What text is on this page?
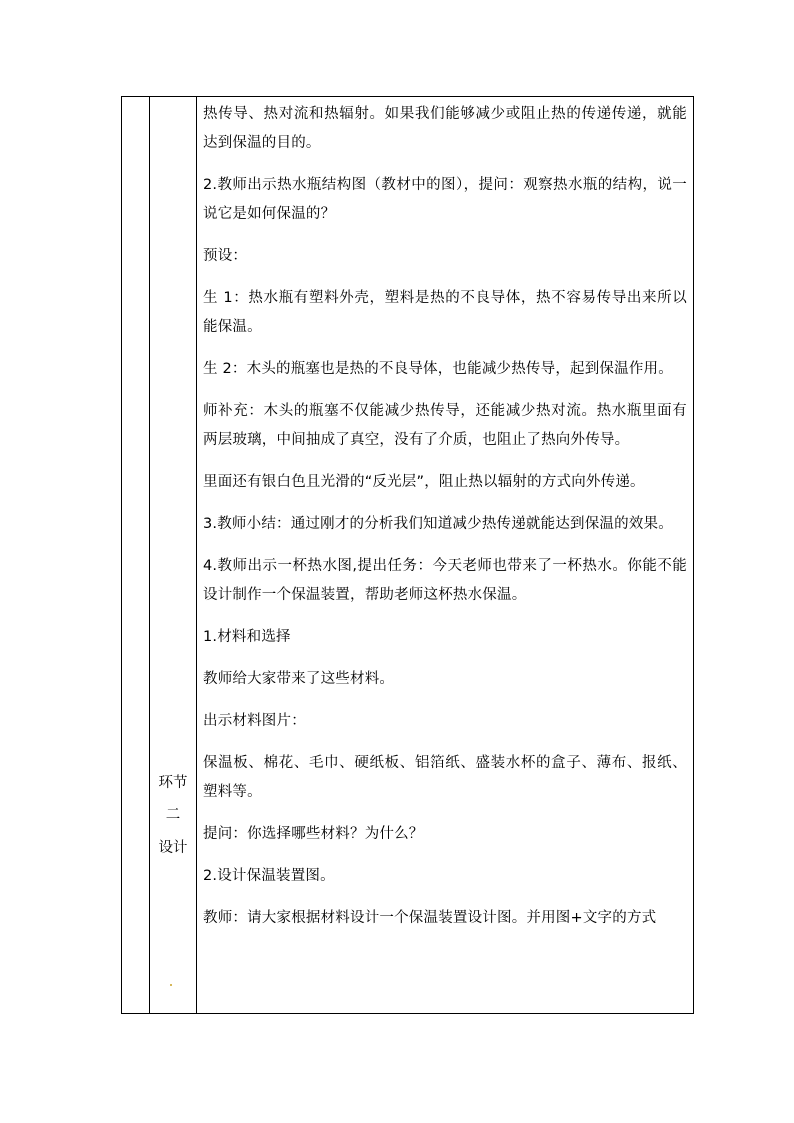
环节
二
设计

热传导、热对流和热辐射。如果我们能够减少或阻止热的传递传递，就能达到保温的目的。

2.教师出示热水瓶结构图（教材中的图），提问：观察热水瓶的结构，说一说它是如何保温的？

预设：

生 1：热水瓶有塑料外壳，塑料是热的不良导体，热不容易传导出来所以能保温。

生 2：木头的瓶塞也是热的不良导体，也能减少热传导，起到保温作用。

师补充：木头的瓶塞不仅能减少热传导，还能减少热对流。热水瓶里面有两层玻璃，中间抽成了真空，没有了介质，也阻止了热向外传导。

里面还有银白色且光滑的“反光层”，阻止热以辐射的方式向外传递。

3.教师小结：通过刚才的分析我们知道减少热传递就能达到保温的效果。

4.教师出示一杯热水图,提出任务：今天老师也带来了一杯热水。你能不能设计制作一个保温装置，帮助老师这杯热水保温。

1.材料和选择

教师给大家带来了这些材料。

出示材料图片：

保温板、棉花、毛巾、硬纸板、铝箔纸、盛装水杯的盒子、薄布、报纸、塑料等。

提问：你选择哪些材料？为什么？

2.设计保温装置图。

教师：请大家根据材料设计一个保温装置设计图。并用图+文字的方式
